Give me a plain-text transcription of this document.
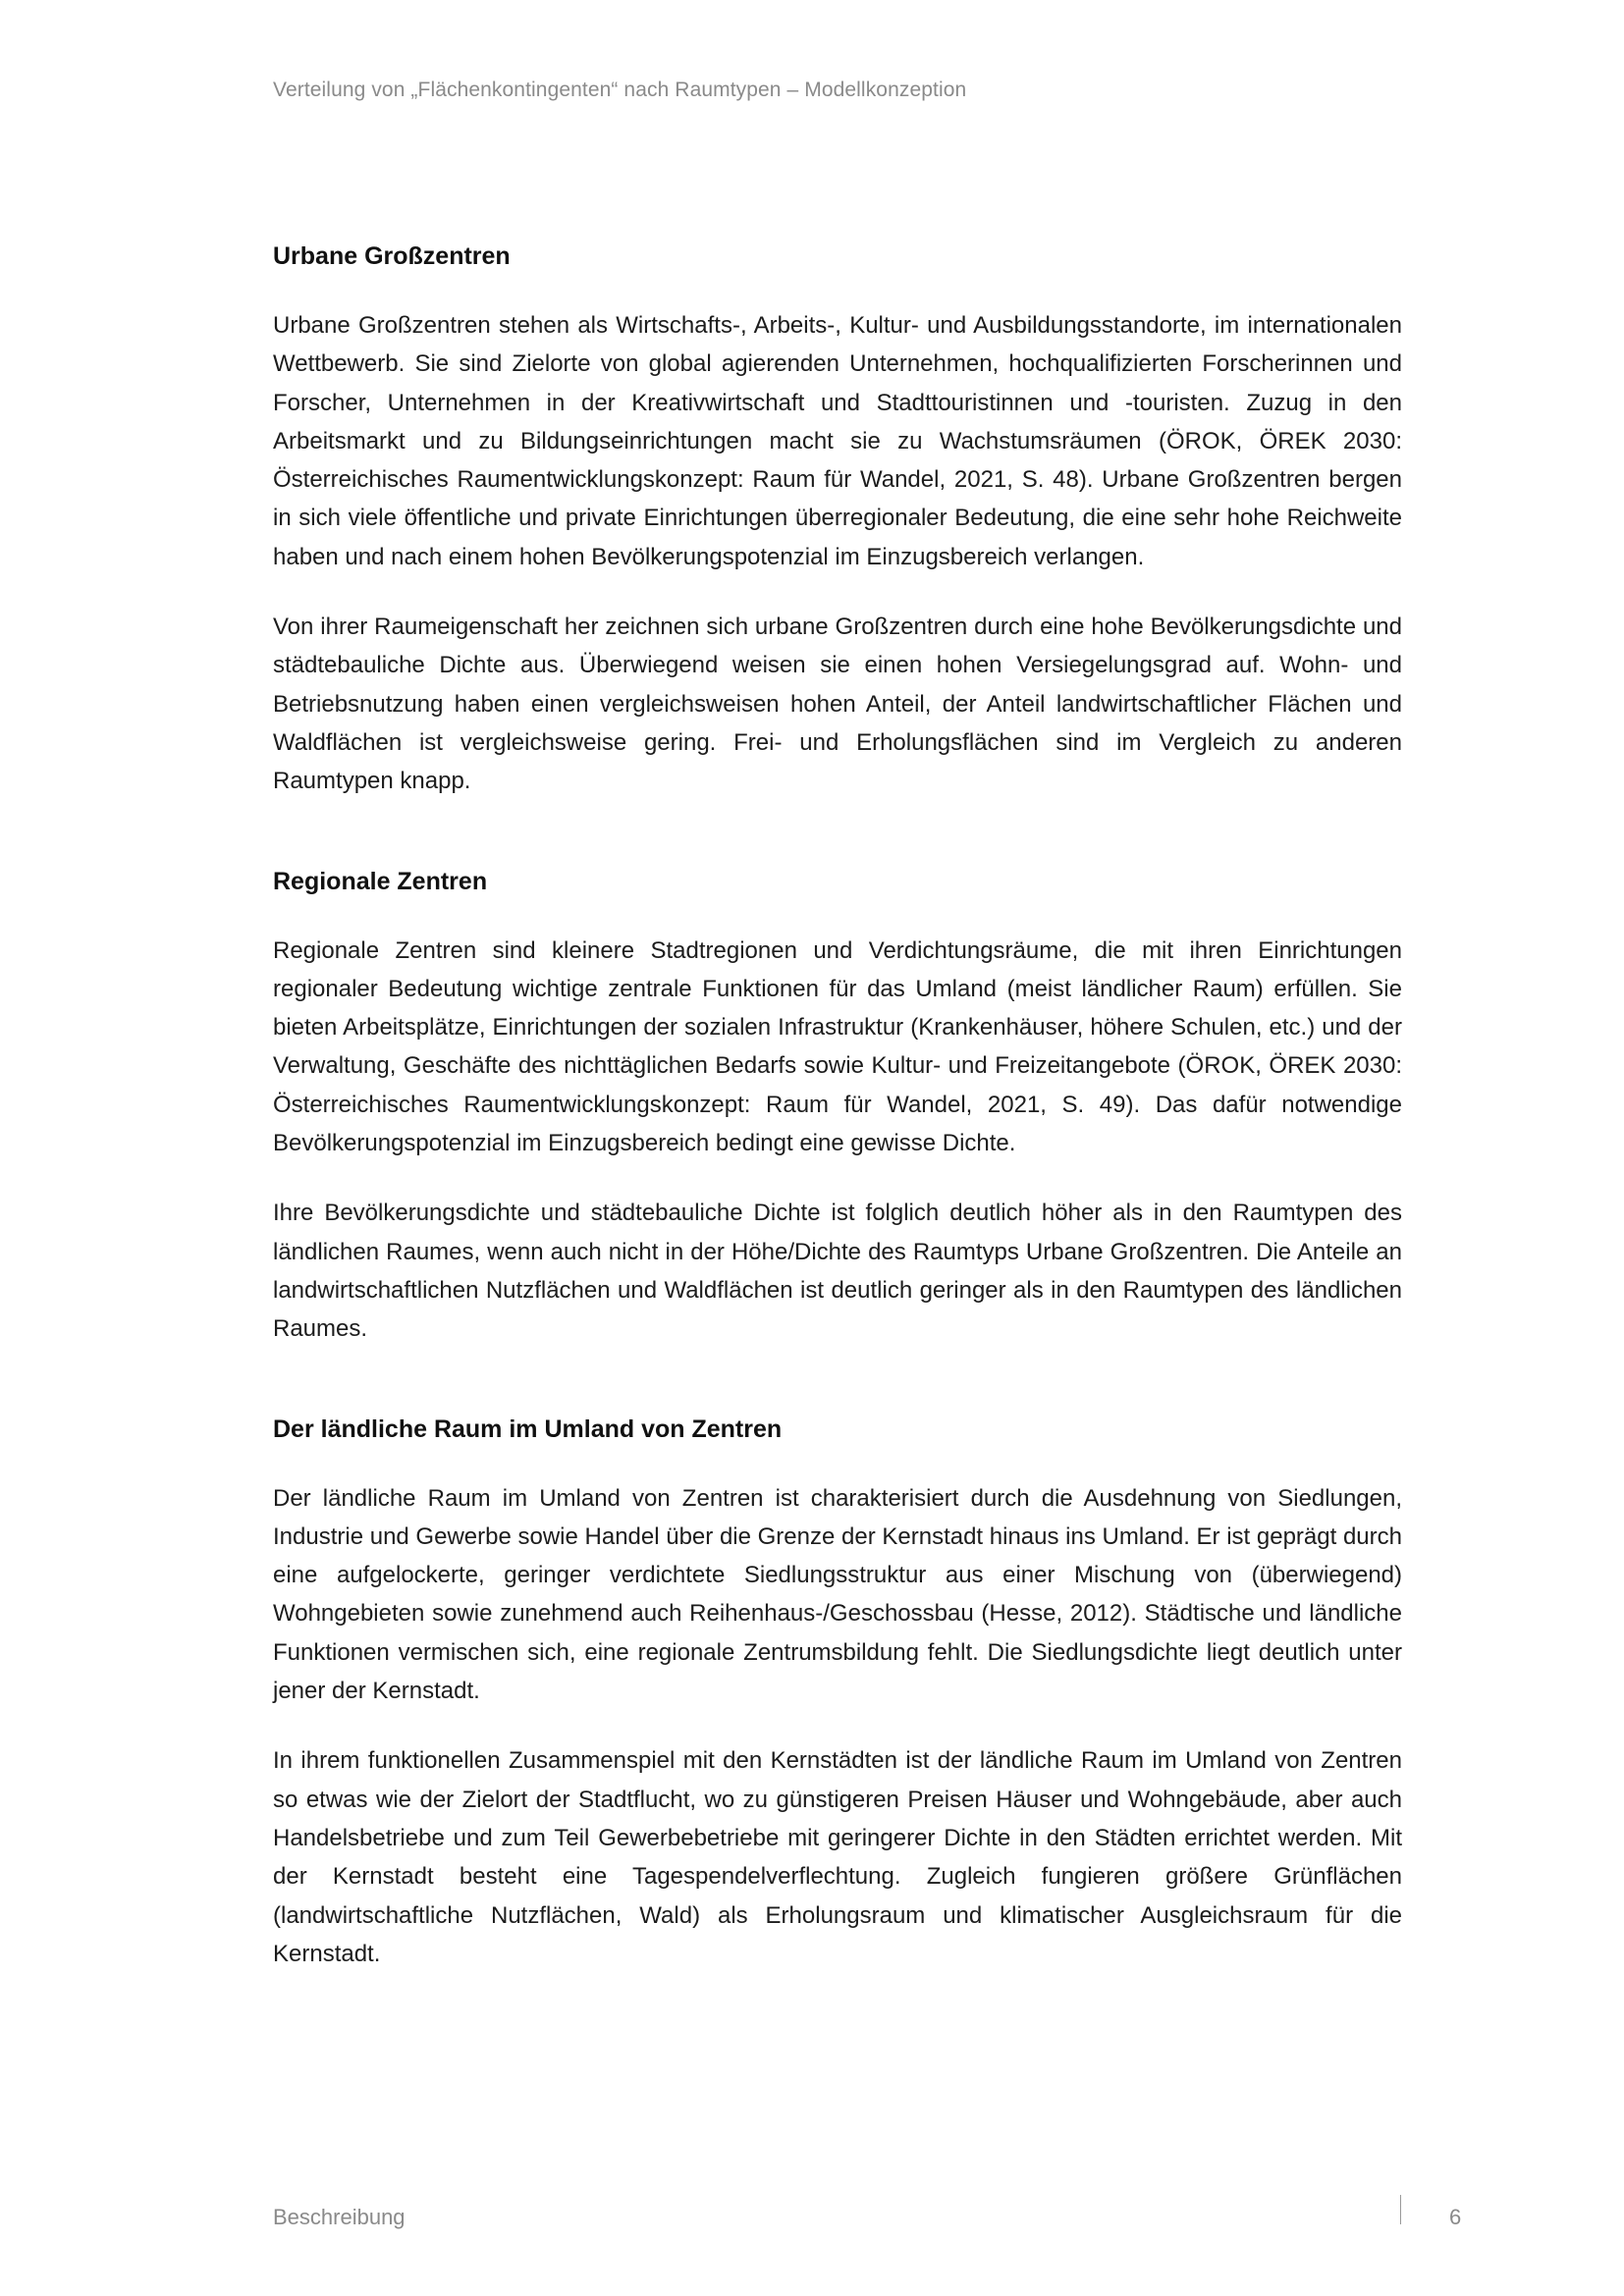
Verteilung von „Flächenkontingenten“ nach Raumtypen – Modellkonzeption
Urbane Großzentren

Urbane Großzentren stehen als Wirtschafts-, Arbeits-, Kultur- und Ausbildungsstandorte, im internationalen Wettbewerb. Sie sind Zielorte von global agierenden Unternehmen, hochqualifizierten Forscherinnen und Forscher, Unternehmen in der Kreativwirtschaft und Stadttouristinnen und -touristen. Zuzug in den Arbeitsmarkt und zu Bildungseinrichtungen macht sie zu Wachstumsräumen (ÖROK, ÖREK 2030: Österreichisches Raumentwicklungskonzept: Raum für Wandel, 2021, S. 48). Urbane Großzentren bergen in sich viele öffentliche und private Einrichtungen überregionaler Bedeutung, die eine sehr hohe Reichweite haben und nach einem hohen Bevölkerungspotenzial im Einzugsbereich verlangen.

Von ihrer Raumeigenschaft her zeichnen sich urbane Großzentren durch eine hohe Bevölkerungsdichte und städtebauliche Dichte aus. Überwiegend weisen sie einen hohen Versiegelungsgrad auf. Wohn- und Betriebsnutzung haben einen vergleichsweisen hohen Anteil, der Anteil landwirtschaftlicher Flächen und Waldflächen ist vergleichsweise gering. Frei- und Erholungsflächen sind im Vergleich zu anderen Raumtypen knapp.

Regionale Zentren

Regionale Zentren sind kleinere Stadtregionen und Verdichtungsräume, die mit ihren Einrichtungen regionaler Bedeutung wichtige zentrale Funktionen für das Umland (meist ländlicher Raum) erfüllen. Sie bieten Arbeitsplätze, Einrichtungen der sozialen Infrastruktur (Krankenhäuser, höhere Schulen, etc.) und der Verwaltung, Geschäfte des nichttäglichen Bedarfs sowie Kultur- und Freizeitangebote (ÖROK, ÖREK 2030: Österreichisches Raumentwicklungskonzept: Raum für Wandel, 2021, S. 49). Das dafür notwendige Bevölkerungspotenzial im Einzugsbereich bedingt eine gewisse Dichte.

Ihre Bevölkerungsdichte und städtebauliche Dichte ist folglich deutlich höher als in den Raumtypen des ländlichen Raumes, wenn auch nicht in der Höhe/Dichte des Raumtyps Urbane Großzentren. Die Anteile an landwirtschaftlichen Nutzflächen und Waldflächen ist deutlich geringer als in den Raumtypen des ländlichen Raumes.

Der ländliche Raum im Umland von Zentren

Der ländliche Raum im Umland von Zentren ist charakterisiert durch die Ausdehnung von Siedlungen, Industrie und Gewerbe sowie Handel über die Grenze der Kernstadt hinaus ins Umland. Er ist geprägt durch eine aufgelockerte, geringer verdichtete Siedlungsstruktur aus einer Mischung von (überwiegend) Wohngebieten sowie zunehmend auch Reihenhaus-/Geschossbau (Hesse, 2012). Städtische und ländliche Funktionen vermischen sich, eine regionale Zentrumsbildung fehlt. Die Siedlungsdichte liegt deutlich unter jener der Kernstadt.

In ihrem funktionellen Zusammenspiel mit den Kernstädten ist der ländliche Raum im Umland von Zentren so etwas wie der Zielort der Stadtflucht, wo zu günstigeren Preisen Häuser und Wohngebäude, aber auch Handelsbetriebe und zum Teil Gewerbebetriebe mit geringerer Dichte in den Städten errichtet werden. Mit der Kernstadt besteht eine Tagespendelverflechtung. Zugleich fungieren größere Grünflächen (landwirtschaftliche Nutzflächen, Wald) als Erholungsraum und klimatischer Ausgleichsraum für die Kernstadt.

Beschreibung	6
